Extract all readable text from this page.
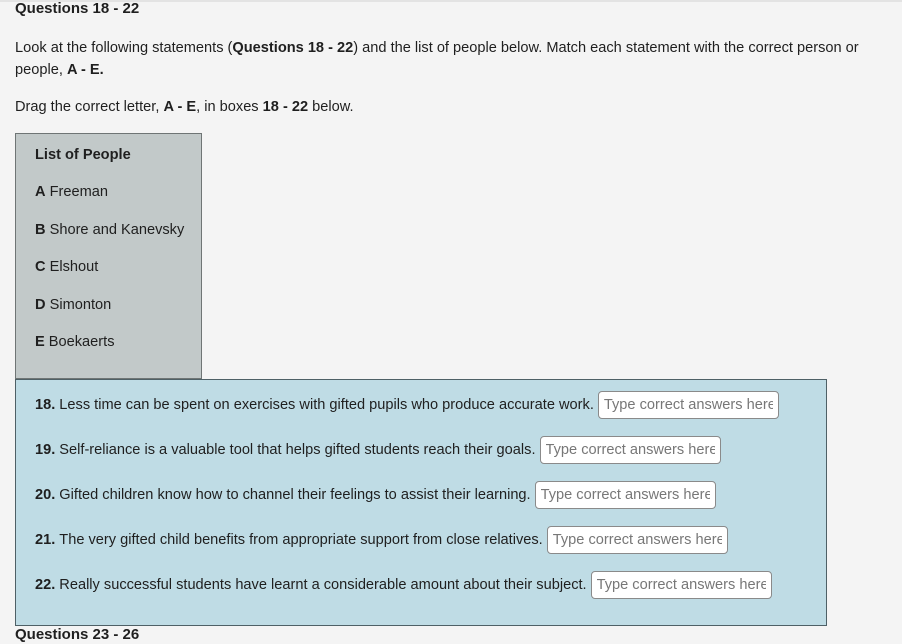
Questions 18 - 22
Look at the following statements (Questions 18 - 22) and the list of people below. Match each statement with the correct person or people, A - E.
Drag the correct letter, A - E, in boxes 18 - 22 below.
List of People
A Freeman
B Shore and Kanevsky
C Elshout
D Simonton
E Boekaerts
18. Less time can be spent on exercises with gifted pupils who produce accurate work.
Type correct answers here
19. Self-reliance is a valuable tool that helps gifted students reach their goals.
Type correct answers here
20. Gifted children know how to channel their feelings to assist their learning.
Type correct answers here
21. The very gifted child benefits from appropriate support from close relatives.
Type correct answers here
22. Really successful students have learnt a considerable amount about their subject.
Type correct answers here
Questions 23 - 26
